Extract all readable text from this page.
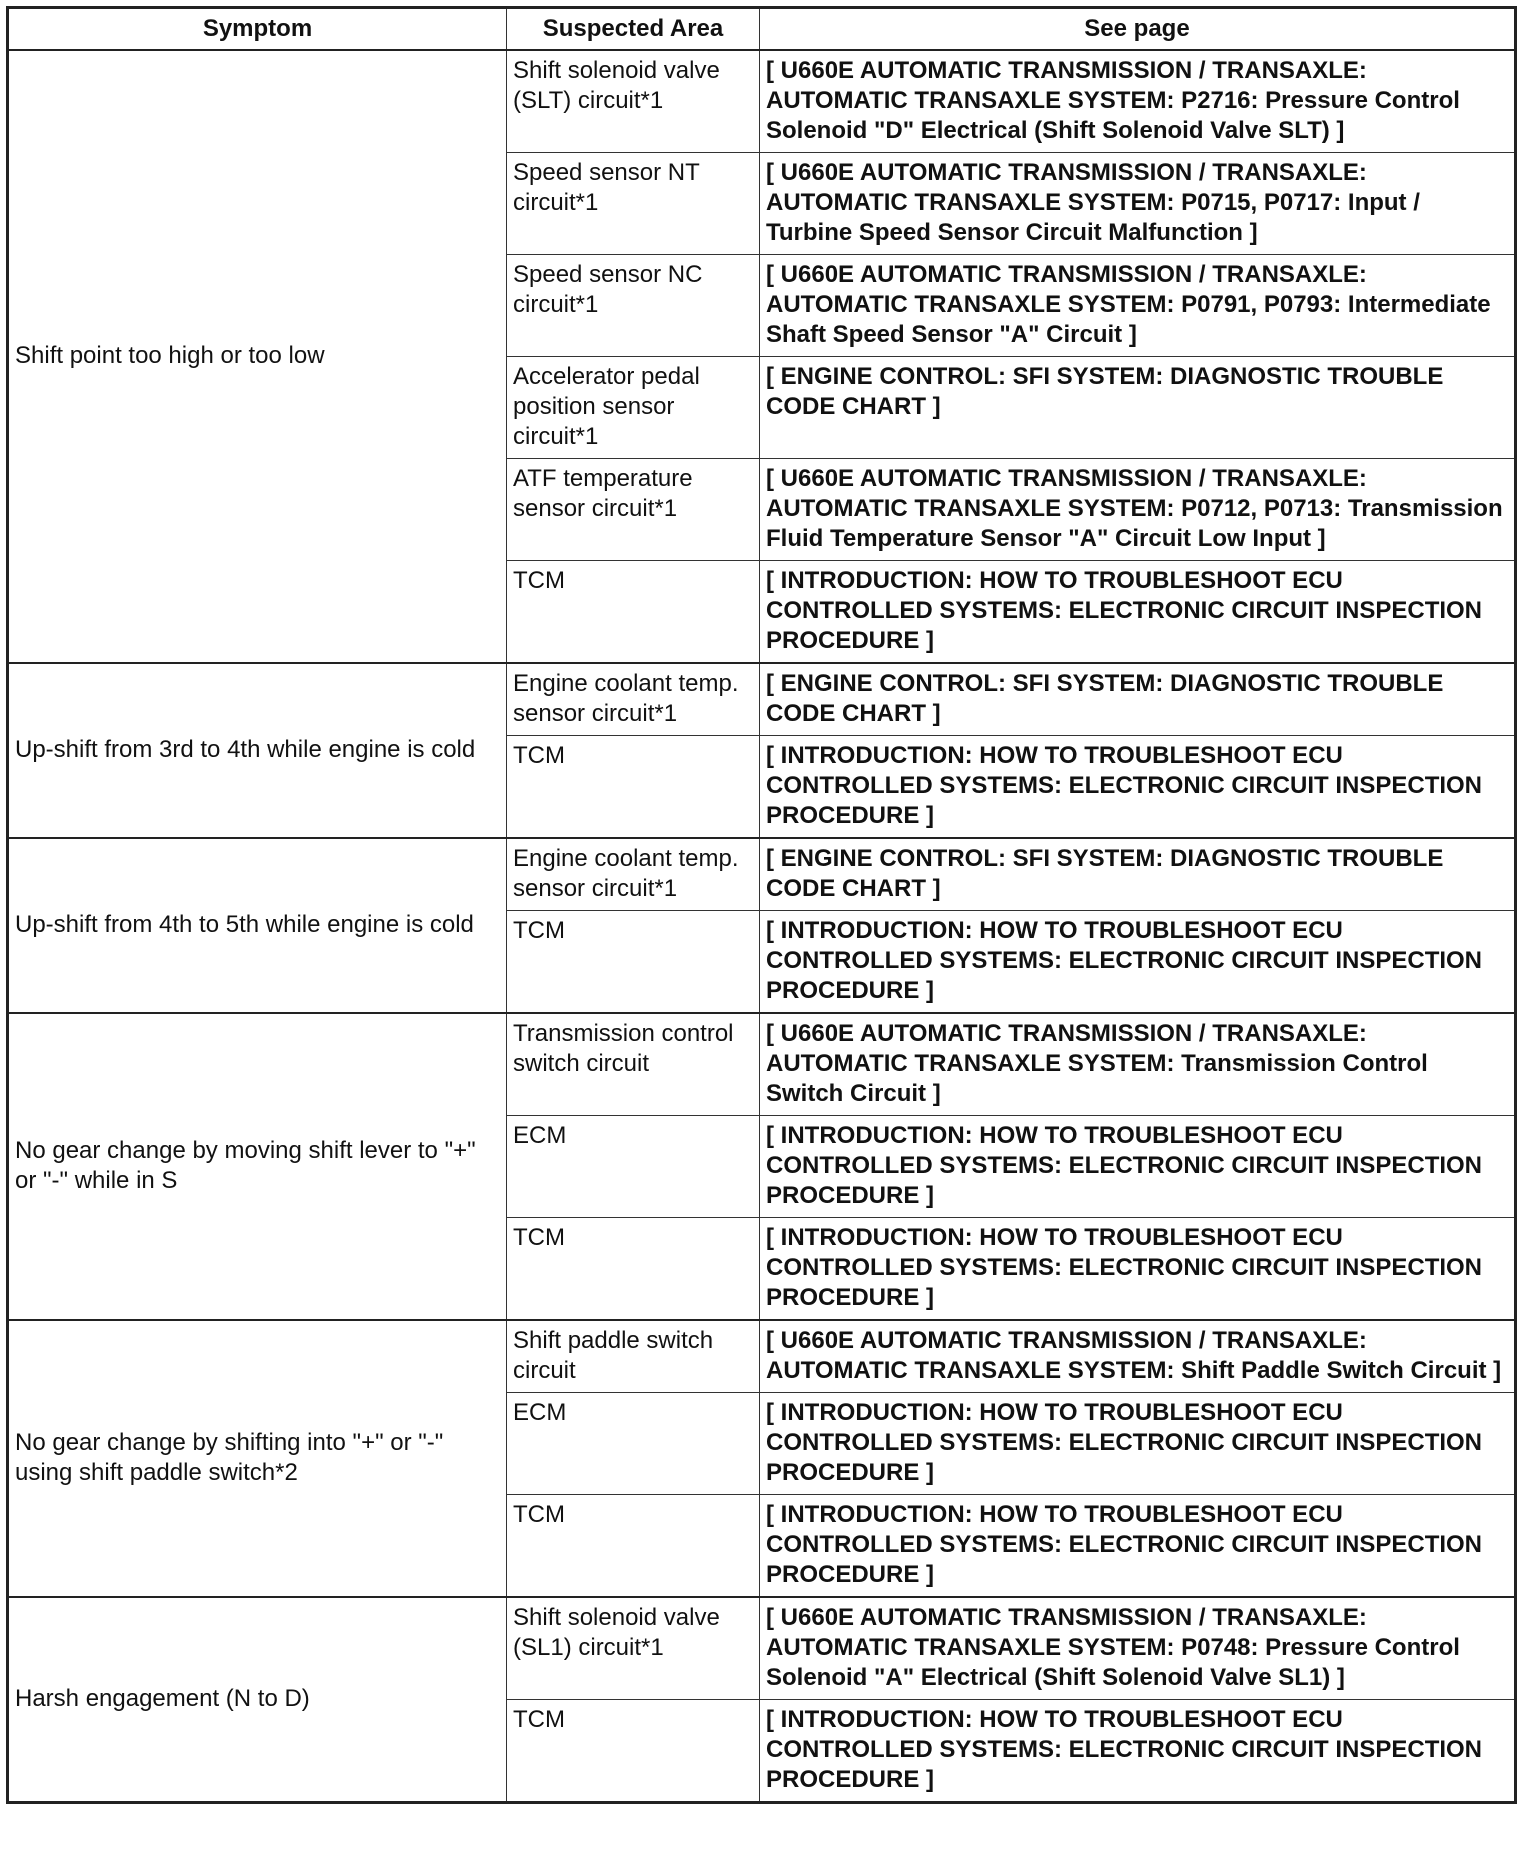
Symptom	Suspected Area	See page
Shift point too high or too low	Shift solenoid valve (SLT) circuit*1	[ U660E AUTOMATIC TRANSMISSION / TRANSAXLE: AUTOMATIC TRANSAXLE SYSTEM: P2716: Pressure Control Solenoid "D" Electrical (Shift Solenoid Valve SLT) ]
	Speed sensor NT circuit*1	[ U660E AUTOMATIC TRANSMISSION / TRANSAXLE: AUTOMATIC TRANSAXLE SYSTEM: P0715, P0717: Input / Turbine Speed Sensor Circuit Malfunction ]
	Speed sensor NC circuit*1	[ U660E AUTOMATIC TRANSMISSION / TRANSAXLE: AUTOMATIC TRANSAXLE SYSTEM: P0791, P0793: Intermediate Shaft Speed Sensor "A" Circuit ]
	Accelerator pedal position sensor circuit*1	[ ENGINE CONTROL: SFI SYSTEM: DIAGNOSTIC TROUBLE CODE CHART ]
	ATF temperature sensor circuit*1	[ U660E AUTOMATIC TRANSMISSION / TRANSAXLE: AUTOMATIC TRANSAXLE SYSTEM: P0712, P0713: Transmission Fluid Temperature Sensor "A" Circuit Low Input ]
	TCM	[ INTRODUCTION: HOW TO TROUBLESHOOT ECU CONTROLLED SYSTEMS: ELECTRONIC CIRCUIT INSPECTION PROCEDURE ]
Up-shift from 3rd to 4th while engine is cold	Engine coolant temp. sensor circuit*1	[ ENGINE CONTROL: SFI SYSTEM: DIAGNOSTIC TROUBLE CODE CHART ]
	TCM	[ INTRODUCTION: HOW TO TROUBLESHOOT ECU CONTROLLED SYSTEMS: ELECTRONIC CIRCUIT INSPECTION PROCEDURE ]
Up-shift from 4th to 5th while engine is cold	Engine coolant temp. sensor circuit*1	[ ENGINE CONTROL: SFI SYSTEM: DIAGNOSTIC TROUBLE CODE CHART ]
	TCM	[ INTRODUCTION: HOW TO TROUBLESHOOT ECU CONTROLLED SYSTEMS: ELECTRONIC CIRCUIT INSPECTION PROCEDURE ]
No gear change by moving shift lever to "+" or "-" while in S	Transmission control switch circuit	[ U660E AUTOMATIC TRANSMISSION / TRANSAXLE: AUTOMATIC TRANSAXLE SYSTEM: Transmission Control Switch Circuit ]
	ECM	[ INTRODUCTION: HOW TO TROUBLESHOOT ECU CONTROLLED SYSTEMS: ELECTRONIC CIRCUIT INSPECTION PROCEDURE ]
	TCM	[ INTRODUCTION: HOW TO TROUBLESHOOT ECU CONTROLLED SYSTEMS: ELECTRONIC CIRCUIT INSPECTION PROCEDURE ]
No gear change by shifting into "+" or "-" using shift paddle switch*2	Shift paddle switch circuit	[ U660E AUTOMATIC TRANSMISSION / TRANSAXLE: AUTOMATIC TRANSAXLE SYSTEM: Shift Paddle Switch Circuit ]
	ECM	[ INTRODUCTION: HOW TO TROUBLESHOOT ECU CONTROLLED SYSTEMS: ELECTRONIC CIRCUIT INSPECTION PROCEDURE ]
	TCM	[ INTRODUCTION: HOW TO TROUBLESHOOT ECU CONTROLLED SYSTEMS: ELECTRONIC CIRCUIT INSPECTION PROCEDURE ]
Harsh engagement (N to D)	Shift solenoid valve (SL1) circuit*1	[ U660E AUTOMATIC TRANSMISSION / TRANSAXLE: AUTOMATIC TRANSAXLE SYSTEM: P0748: Pressure Control Solenoid "A" Electrical (Shift Solenoid Valve SL1) ]
	TCM	[ INTRODUCTION: HOW TO TROUBLESHOOT ECU CONTROLLED SYSTEMS: ELECTRONIC CIRCUIT INSPECTION PROCEDURE ]
